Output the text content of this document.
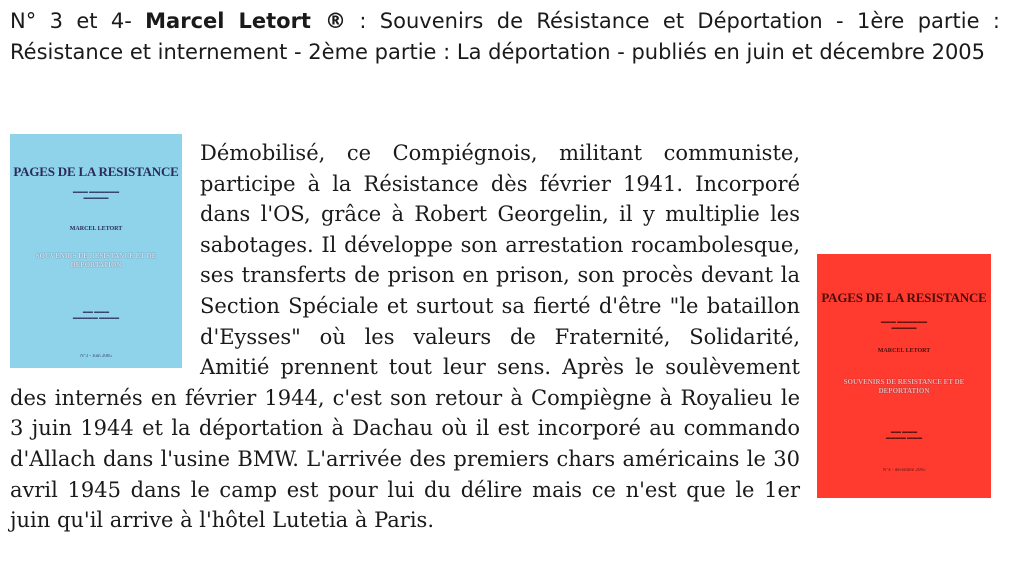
N° 3 et 4- Marcel Letort ® : Souvenirs de Résistance et Déportation - 1ère partie : Résistance et internement - 2ème partie : La déportation - publiés en juin et décembre 2005
PAGES DE LA RESISTANCE
▬▬▬ ▬▬▬▬▬▬
▬▬▬▬▬
MARCEL LETORT
SOUVENIRS DE RESISTANCE ET DE DEPORTATION
▬▬ ▬▬▬
▬▬▬▬▬ ▬▬▬▬
N°3 - Juin 2005
PAGES DE LA RESISTANCE
▬▬▬ ▬▬▬▬▬▬
▬▬▬▬▬
MARCEL LETORT
SOUVENIRS DE RESISTANCE ET DE DEPORTATION
▬▬ ▬▬▬
▬▬▬▬ ▬▬▬
N°4 - décembre 2005
Démobilisé, ce Compiégnois, militant communiste, participe à la Résistance dès février 1941. Incorporé dans l'OS, grâce à Robert Georgelin, il y multiplie les sabotages. Il développe son arrestation rocambolesque, ses transferts de prison en prison, son procès devant la Section Spéciale et surtout sa fierté d'être "le bataillon d'Eysses" où les valeurs de Fraternité, Solidarité, Amitié prennent tout leur sens. Après le soulèvement des internés en février 1944, c'est son retour à Compiègne à Royalieu le 3 juin 1944 et la déportation à Dachau où il est incorporé au commando d'Allach dans l'usine BMW. L'arrivée des premiers chars américains le 30 avril 1945 dans le camp est pour lui du délire mais ce n'est que le 1er juin qu'il arrive à l'hôtel Lutetia à Paris.
